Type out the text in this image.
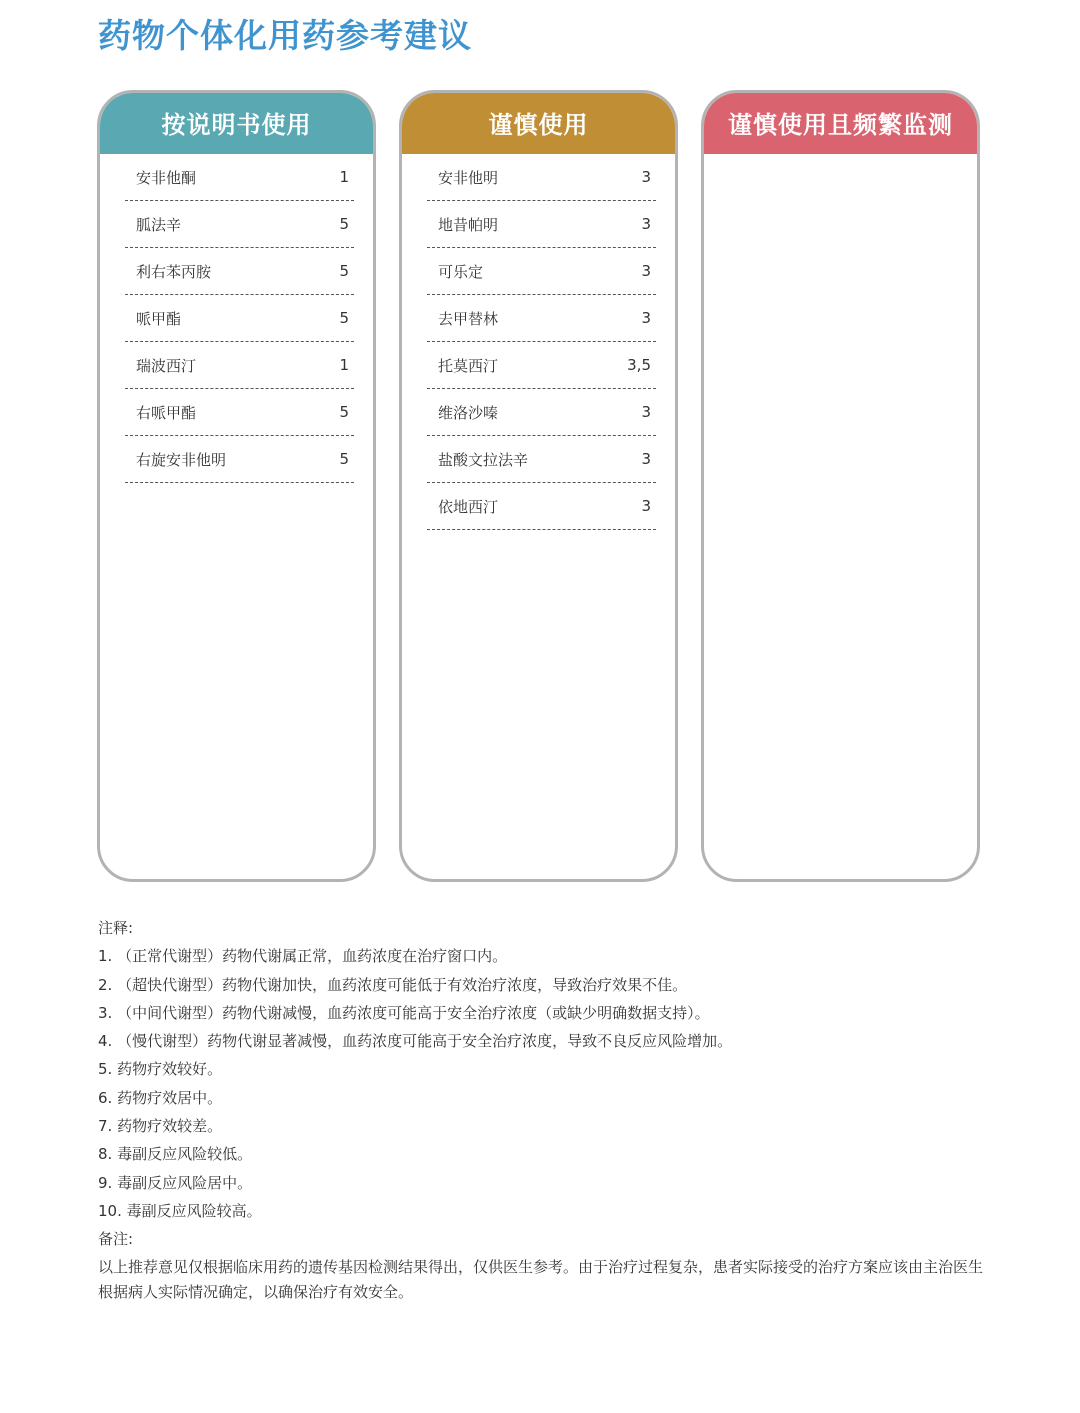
药物个体化用药参考建议
按说明书使用
安非他酮	1
胍法辛	5
利右苯丙胺	5
哌甲酯	5
瑞波西汀	1
右哌甲酯	5
右旋安非他明	5
谨慎使用
安非他明	3
地昔帕明	3
可乐定	3
去甲替林	3
托莫西汀	3,5
维洛沙嗪	3
盐酸文拉法辛	3
依地西汀	3
谨慎使用且频繁监测
注释:
1. （正常代谢型）药物代谢属正常，血药浓度在治疗窗口内。
2. （超快代谢型）药物代谢加快，血药浓度可能低于有效治疗浓度，导致治疗效果不佳。
3. （中间代谢型）药物代谢减慢，血药浓度可能高于安全治疗浓度（或缺少明确数据支持）。
4. （慢代谢型）药物代谢显著减慢，血药浓度可能高于安全治疗浓度，导致不良反应风险增加。
5. 药物疗效较好。
6. 药物疗效居中。
7. 药物疗效较差。
8. 毒副反应风险较低。
9. 毒副反应风险居中。
10. 毒副反应风险较高。
备注:
以上推荐意见仅根据临床用药的遗传基因检测结果得出，仅供医生参考。由于治疗过程复杂，患者实际接受的治疗方案应该由主治医生根据病人实际情况确定，以确保治疗有效安全。
